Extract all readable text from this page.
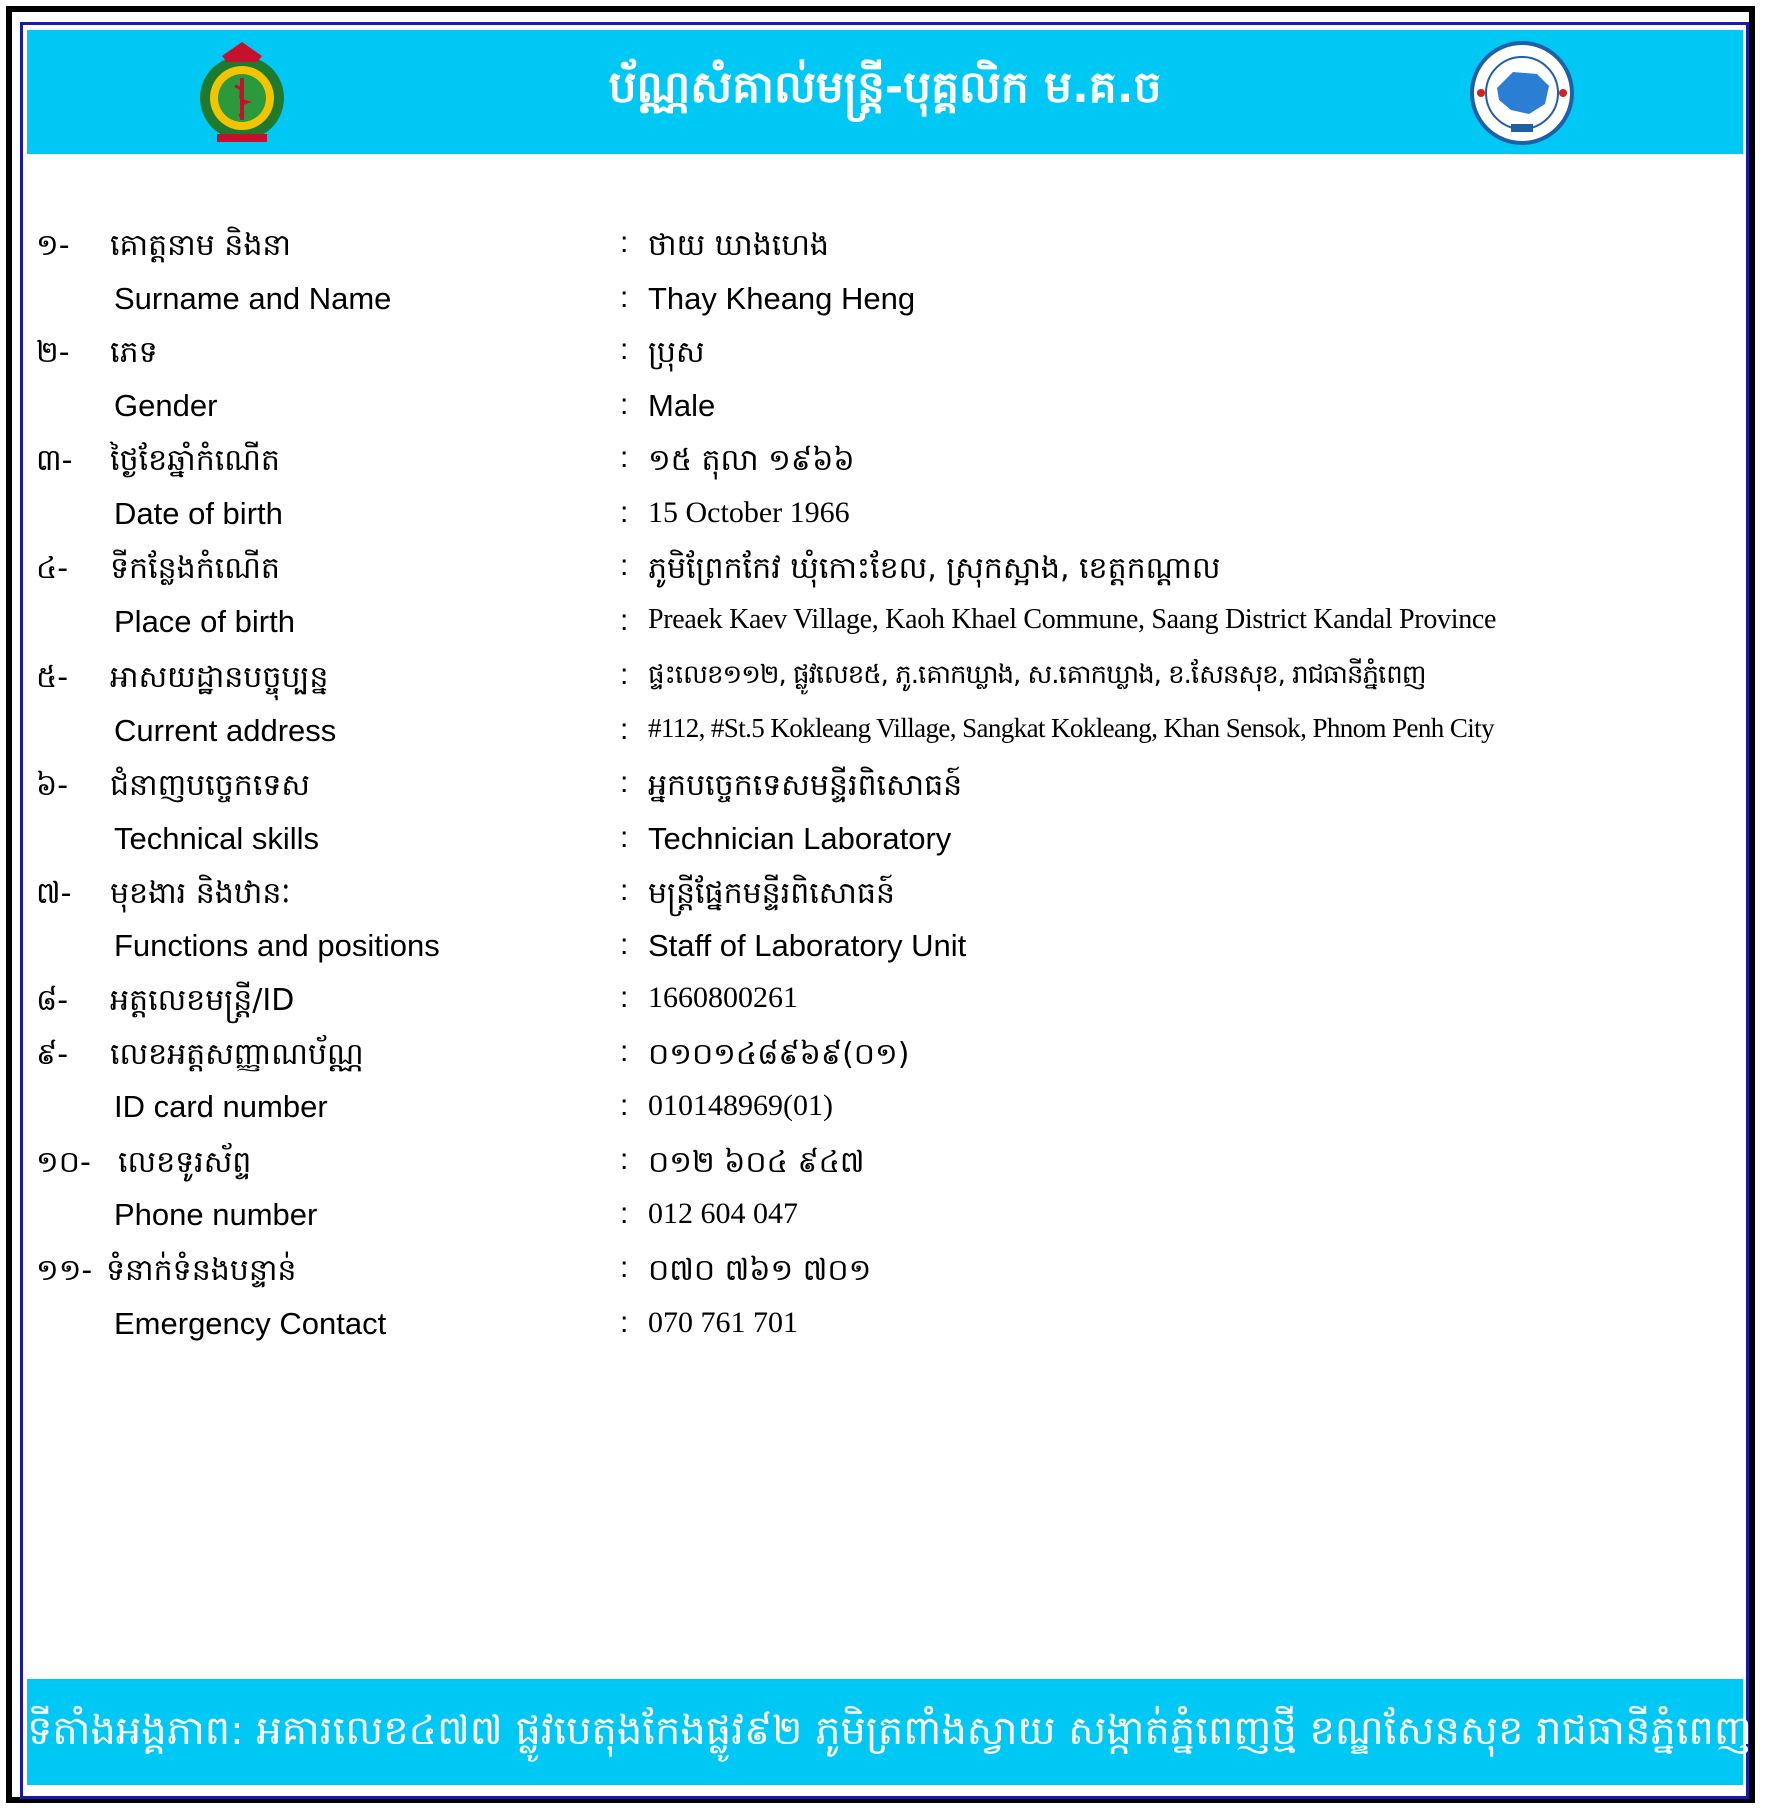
ប័ណ្ណសំគាល់មន្រ្តី-បុគ្គលិក ម.គ.ច
១- គោត្តនាម និងនា	: ថាយ ឃាងហេង
Surname and Name	: Thay Kheang Heng
២- ភេទ	: ប្រុស
Gender	: Male
៣- ថ្ងៃខែឆ្នាំកំណើត	: ១៥ តុលា ១៩៦៦
Date of birth	: 15 October 1966
៤- ទីកន្លែងកំណើត	: ភូមិព្រែកកែវ ឃុំកោះខែល, ស្រុកស្អាង, ខេត្តកណ្តាល
Place of birth	: Preaek Kaev Village, Kaoh Khael Commune, Saang District Kandal Province
៥- អាសយដ្ឋានបច្ចុប្បន្ន	: ផ្ទះលេខ១១២, ផ្លូវលេខ៥, ភូ.គោកឃ្លាង, ស.គោកឃ្លាង, ខ.សែនសុខ, រាជធានីភ្នំពេញ
Current address	: #112, #St.5 Kokleang Village, Sangkat Kokleang, Khan Sensok, Phnom Penh City
៦- ជំនាញបច្ចេកទេស	: អ្នកបច្ចេកទេសមន្ទីរពិសោធន៍
Technical skills	: Technician Laboratory
៧- មុខងារ និងឋានៈ	: មន្ត្រីផ្នែកមន្ទីរពិសោធន៍
Functions and positions	: Staff of Laboratory Unit
៨- អត្តលេខមន្ត្រី/ID	: 1660800261
៩- លេខអត្តសញ្ញាណប័ណ្ណ	: ០១០១៤៨៩៦៩(០១)
ID card number	: 010148969(01)
១០- លេខទូរស័ព្ទ	: ០១២ ៦០៤ ៩៤៧
Phone number	: 012 604 047
១១- ទំនាក់ទំនងបន្ទាន់	: ០៧០ ៧៦១ ៧០១
Emergency Contact	: 070 761 701
ទីតាំងអង្គភាព: អគារលេខ៤៧៧ ផ្លូវបេតុងកែងផ្លូវ៩២ ភូមិត្រពាំងស្វាយ សង្កាត់ភ្នំពេញថ្មី ខណ្ឌសែនសុខ រាជធានីភ្នំពេញ
